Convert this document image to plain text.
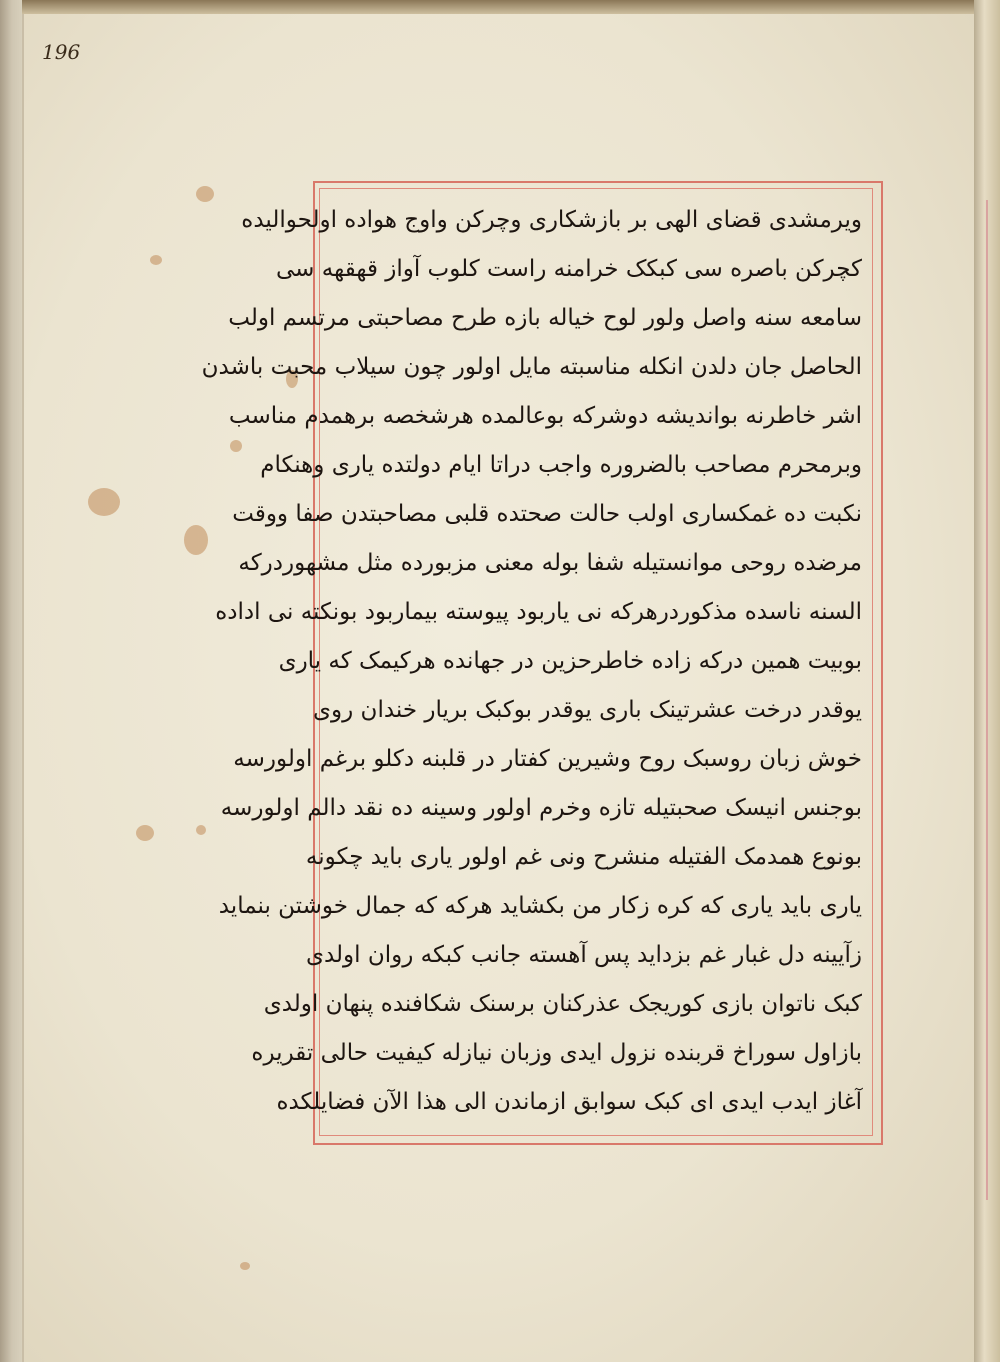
196
ویرمشدی قضای الهی بر بازشکاری وچرکن واوج هواده اولحوالیده
کچرکن باصره سی کبکک خرامنه راست کلوب آواز قهقهه سی
سامعه سنه واصل ولور لوح خیاله بازه طرح مصاحبتی مرتسم اولب
الحاصل جان دلدن انکله مناسبته مایل اولور چون سیلاب محبت باشدن
اشر خاطرنه بواندیشه دوشرکه بوعالمده هرشخصه برهمدم مناسب
وبرمحرم مصاحب بالضروره واجب دراتا ایام دولتده یاری وهنکام
نکبت ده غمکساری اولب حالت صحتده قلبی مصاحبتدن صفا ووقت
مرضده روحی موانستیله شفا بوله معنی مزبورده مثل مشهوردرکه
السنه ناسده مذکوردرهرکه نی یاربود پیوسته بیماربود بونکته نی اداده
بوبیت همین درکه زاده خاطرحزین در جهانده هرکیمک که یاری
یوقدر درخت عشرتینک باری یوقدر بوکبک بریار خندان روی
خوش زبان روسبک روح وشیرین کفتار در قلبنه دکلو برغم اولورسه
بوجنس انیسک صحبتیله تازه وخرم اولور وسینه ده نقد دالم اولورسه
بونوع همدمک الفتیله منشرح ونی غم اولور یاری باید چکونه
یاری باید یاری که کره زکار من بکشاید هرکه که جمال خوشتن بنماید
زآیینه دل غبار غم بزداید پس آهسته جانب کبکه روان اولدی
کبک ناتوان بازی کوریجک عذرکنان برسنک شکافنده پنهان اولدی
بازاول سوراخ قربنده نزول ایدی وزبان نیازله کیفیت حالی تقریره
آغاز ایدب ایدی ای کبک سوابق ازماندن الی هذا الآن فضایلکده
